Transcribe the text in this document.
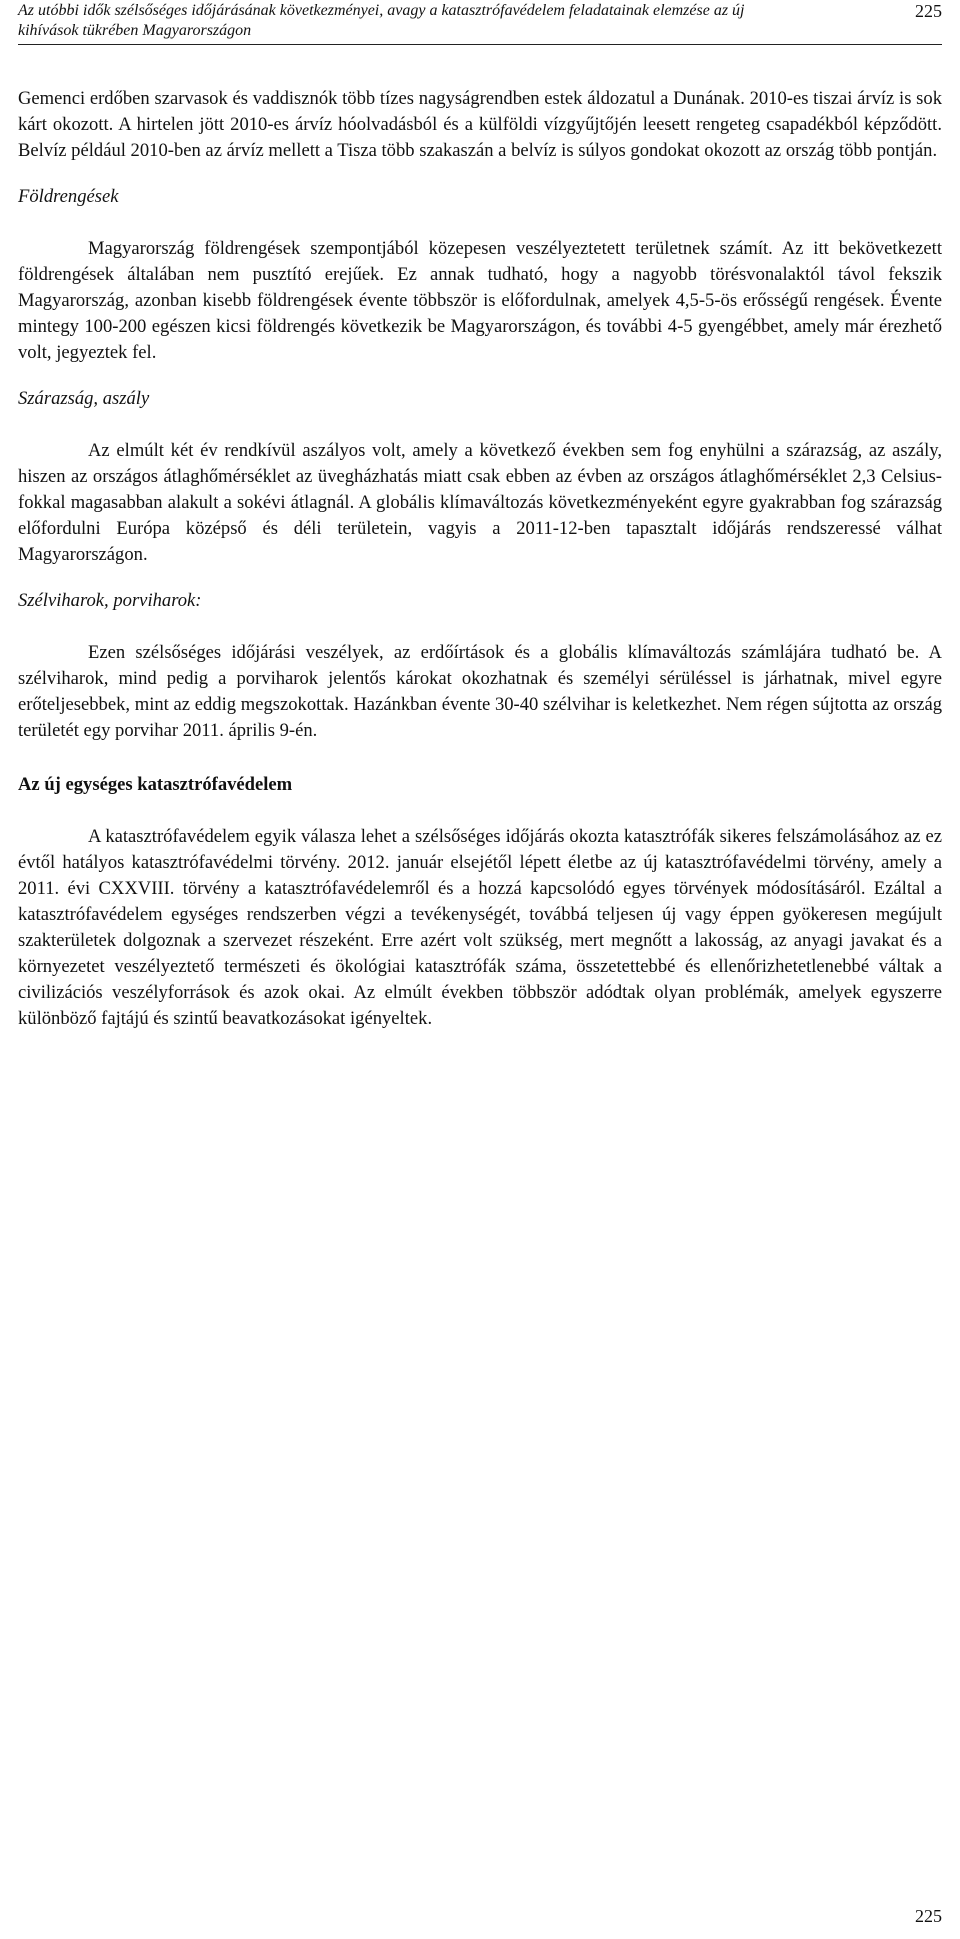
Az utóbbi idők szélsőséges időjárásának következményei, avagy a katasztrófavédelem feladatainak elemzése az új kihívások tükrében Magyarországon
225

Gemenci erdőben szarvasok és vaddisznók több tízes nagyságrendben estek áldozatul a Dunának. 2010-es tiszai árvíz is sok kárt okozott. A hirtelen jött 2010-es árvíz hóolvadásból és a külföldi vízgyűjtőjén leesett rengeteg csapadékból képződött. Belvíz például 2010-ben az árvíz mellett a Tisza több szakaszán a belvíz is súlyos gondokat okozott az ország több pontján.

Földrengések

Magyarország földrengések szempontjából közepesen veszélyeztetett területnek számít. Az itt bekövetkezett földrengések általában nem pusztító erejűek. Ez annak tudható, hogy a nagyobb törésvonalaktól távol fekszik Magyarország, azonban kisebb földrengések évente többször is előfordulnak, amelyek 4,5-5-ös erősségű rengések. Évente mintegy 100-200 egészen kicsi földrengés következik be Magyarországon, és további 4-5 gyengébbet, amely már érezhető volt, jegyeztek fel.

Szárazság, aszály

Az elmúlt két év rendkívül aszályos volt, amely a következő években sem fog enyhülni a szárazság, az aszály, hiszen az országos átlaghőmérséklet az üvegházhatás miatt csak ebben az évben az országos átlaghőmérséklet 2,3 Celsius-fokkal magasabban alakult a sokévi átlagnál. A globális klímaváltozás következményeként egyre gyakrabban fog szárazság előfordulni Európa középső és déli területein, vagyis a 2011-12-ben tapasztalt időjárás rendszeressé válhat Magyarországon.

Szélviharok, porviharok:

Ezen szélsőséges időjárási veszélyek, az erdőírtások és a globális klímaváltozás számlájára tudható be. A szélviharok, mind pedig a porviharok jelentős károkat okozhatnak és személyi sérüléssel is járhatnak, mivel egyre erőteljesebbek, mint az eddig megszokottak. Hazánkban évente 30-40 szélvihar is keletkezhet. Nem régen sújtotta az ország területét egy porvihar 2011. április 9-én.

Az új egységes katasztrófavédelem

A katasztrófavédelem egyik válasza lehet a szélsőséges időjárás okozta katasztrófák sikeres felszámolásához az ez évtől hatályos katasztrófavédelmi törvény. 2012. január elsejétől lépett életbe az új katasztrófavédelmi törvény, amely a 2011. évi CXXVIII. törvény a katasztrófavédelemről és a hozzá kapcsolódó egyes törvények módosításáról. Ezáltal a katasztrófavédelem egységes rendszerben végzi a tevékenységét, továbbá teljesen új vagy éppen gyökeresen megújult szakterületek dolgoznak a szervezet részeként. Erre azért volt szükség, mert megnőtt a lakosság, az anyagi javakat és a környezetet veszélyeztető természeti és ökológiai katasztrófák száma, összetettebbé és ellenőrizhetetlenebbé váltak a civilizációs veszélyforrások és azok okai. Az elmúlt években többször adódtak olyan problémák, amelyek egyszerre különböző fajtájú és szintű beavatkozásokat igényeltek.

225
